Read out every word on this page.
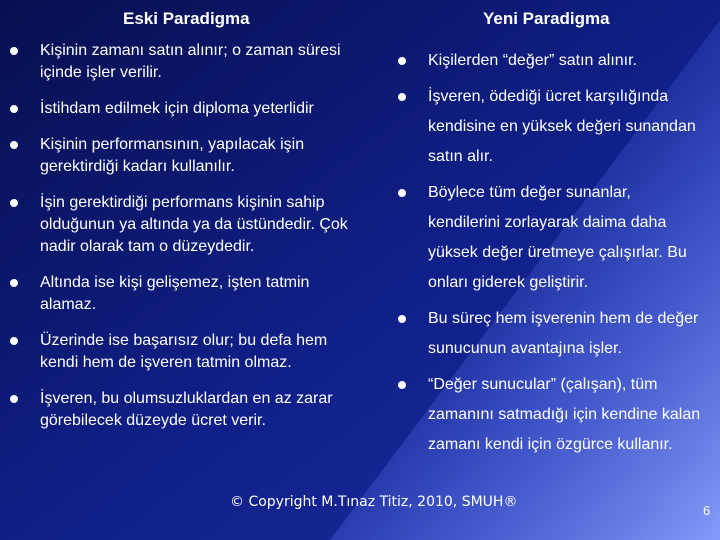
Eski Paradigma	Yeni Paradigma
Kişinin zamanı satın alınır; o zaman süresi içinde işler verilir.
İstihdam edilmek için diploma yeterlidir
Kişinin performansının, yapılacak işin gerektirdiği kadarı kullanılır.
İşin gerektirdiği performans kişinin sahip olduğunun ya altında ya da üstündedir. Çok nadir olarak tam o düzeydedir.
Altında ise kişi gelişemez, işten tatmin alamaz.
Üzerinde ise başarısız olur; bu defa hem kendi hem de işveren tatmin olmaz.
İşveren, bu olumsuzluklardan en az zarar görebilecek düzeyde ücret verir.
Kişilerden “değer” satın alınır.
İşveren, ödediği ücret karşılığında kendisine en yüksek değeri sunandan satın alır.
Böylece tüm değer sunanlar, kendilerini zorlayarak daima daha yüksek değer üretmeye çalışırlar. Bu onları giderek geliştirir.
Bu süreç hem işverenin hem de değer sunucunun avantajına işler.
“Değer sunucular” (çalışan), tüm zamanını satmadığı için kendine kalan zamanı kendi için özgürce kullanır.
© Copyright M.Tınaz Titiz, 2010, SMUH®
6
